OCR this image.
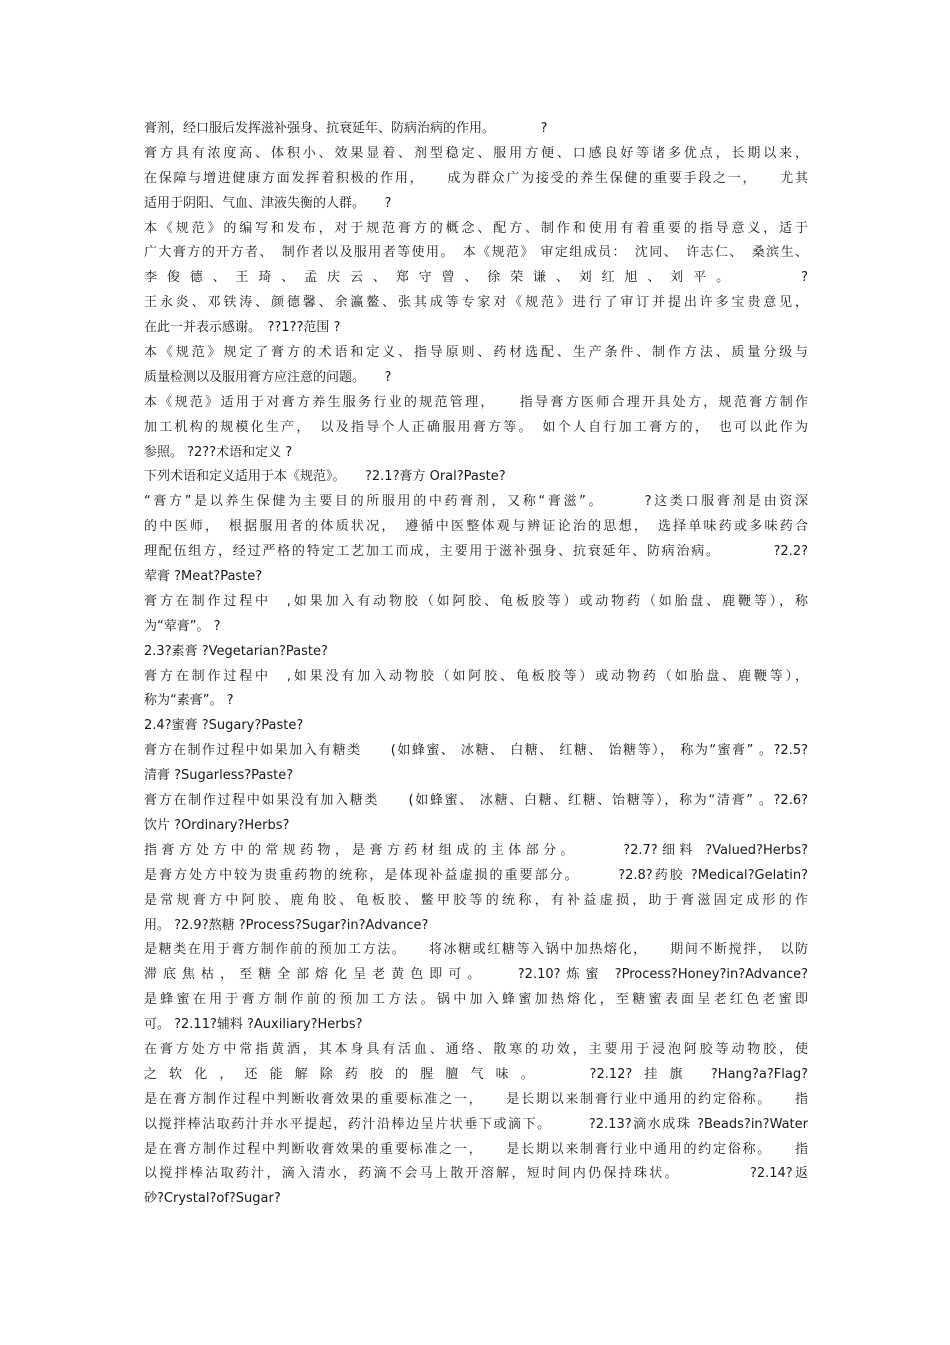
膏剂，经口服后发挥滋补强身、抗衰延年、防病治病的作用。　　　　?
膏方具有浓度高、体积小、效果显着、剂型稳定、服用方便、口感良好等诸多优点，长期以来，
在保障与增进健康方面发挥着积极的作用，　　成为群众广为接受的养生保健的重要手段之一，　　尤其
适用于阴阳、气血、津液失衡的人群。　　?
本《规范》的编写和发布，对于规范膏方的概念、配方、制作和使用有着重要的指导意义，适于
广大膏方的开方者、　制作者以及服用者等使用。　本《规范》 审定组成员：　沈同、　许志仁、　桑滨生、
李俊德、王琦、孟庆云、郑守曾、徐荣谦、刘红旭、刘平。　　　?
王永炎、邓铁涛、颜德馨、余瀛鳌、张其成等专家对《规范》进行了审订并提出许多宝贵意见，
在此一并表示感谢。　??1??范围 ?
本《规范》规定了膏方的术语和定义、指导原则、药材选配、生产条件、制作方法、质量分级与
质量检测以及服用膏方应注意的问题。　　?
本《规范》适用于对膏方养生服务行业的规范管理，　　指导膏方医师合理开具处方，规范膏方制作
加工机构的规模化生产，　以及指导个人正确服用膏方等。　如个人自行加工膏方的，　也可以此作为
参照。 ?2??术语和定义 ?
下列术语和定义适用于本《规范》。　　?2.1?膏方 Oral?Paste?
“膏方”是以养生保健为主要目的所服用的中药膏剂，又称“膏滋”。　　　?这类口服膏剂是由资深
的中医师，　根据服用者的体质状况，　遵循中医整体观与辨证论治的思想，　选择单味药或多味药合
理配伍组方，经过严格的特定工艺加工而成，主要用于滋补强身、抗衰延年、防病治病。　　　　?2.2?
荤膏 ?Meat?Paste?
膏方在制作过程中　,如果加入有动物胶（如阿胶、龟板胶等）或动物药（如胎盘、鹿鞭等），称
为“荤膏”。 ?
2.3?素膏 ?Vegetarian?Paste?
膏方在制作过程中　,如果没有加入动物胶（如阿胶、龟板胶等）或动物药（如胎盘、鹿鞭等），
称为“素膏”。 ?
2.4?蜜膏 ?Sugary?Paste?
膏方在制作过程中如果加入有糖类　　(如蜂蜜、 冰糖、 白糖、 红糖、 饴糖等）， 称为“蜜膏” 。?2.5?
清膏 ?Sugarless?Paste?
膏方在制作过程中如果没有加入糖类　　(如蜂蜜、 冰糖、白糖、红糖、饴糖等），称为“清膏” 。?2.6?
饮片 ?Ordinary?Herbs?
指膏方处方中的常规药物，是膏方药材组成的主体部分。　　　?2.7?细料 ?Valued?Herbs?
是膏方处方中较为贵重药物的统称，是体现补益虚损的重要部分。　　　?2.8?药胶 ?Medical?Gelatin?
是常规膏方中阿胶、鹿角胶、龟板胶、鳖甲胶等的统称，有补益虚损，助于膏滋固定成形的作
用。 ?2.9?熬糖 ?Process?Sugar?in?Advance?
是糖类在用于膏方制作前的预加工方法。　　将冰糖或红糖等入锅中加热熔化，　　期间不断搅拌，　以防
滞底焦枯，至糖全部熔化呈老黄色即可。　　?2.10?炼蜜 ?Process?Honey?in?Advance?
是蜂蜜在用于膏方制作前的预加工方法。锅中加入蜂蜜加热熔化，至糖蜜表面呈老红色老蜜即
可。 ?2.11?辅料 ?Auxiliary?Herbs?
在膏方处方中常指黄酒，其本身具有活血、通络、散寒的功效，主要用于浸泡阿胶等动物胶，使
之软化，还能解除药胶的腥膻气味。　　?2.12?挂旗 ?Hang?a?Flag?
是在膏方制作过程中判断收膏效果的重要标准之一，　　是长期以来制膏行业中通用的约定俗称。　　指
以搅拌棒沾取药汁并水平提起，药汁沿棒边呈片状垂下或滴下。　　　?2.13?滴水成珠 ?Beads?in?Water
是在膏方制作过程中判断收膏效果的重要标准之一，　　是长期以来制膏行业中通用的约定俗称。　　指
以搅拌棒沾取药汁，滴入清水，药滴不会马上散开溶解，短时间内仍保持珠状。　　　　　?2.14?返
砂?Crystal?of?Sugar?
